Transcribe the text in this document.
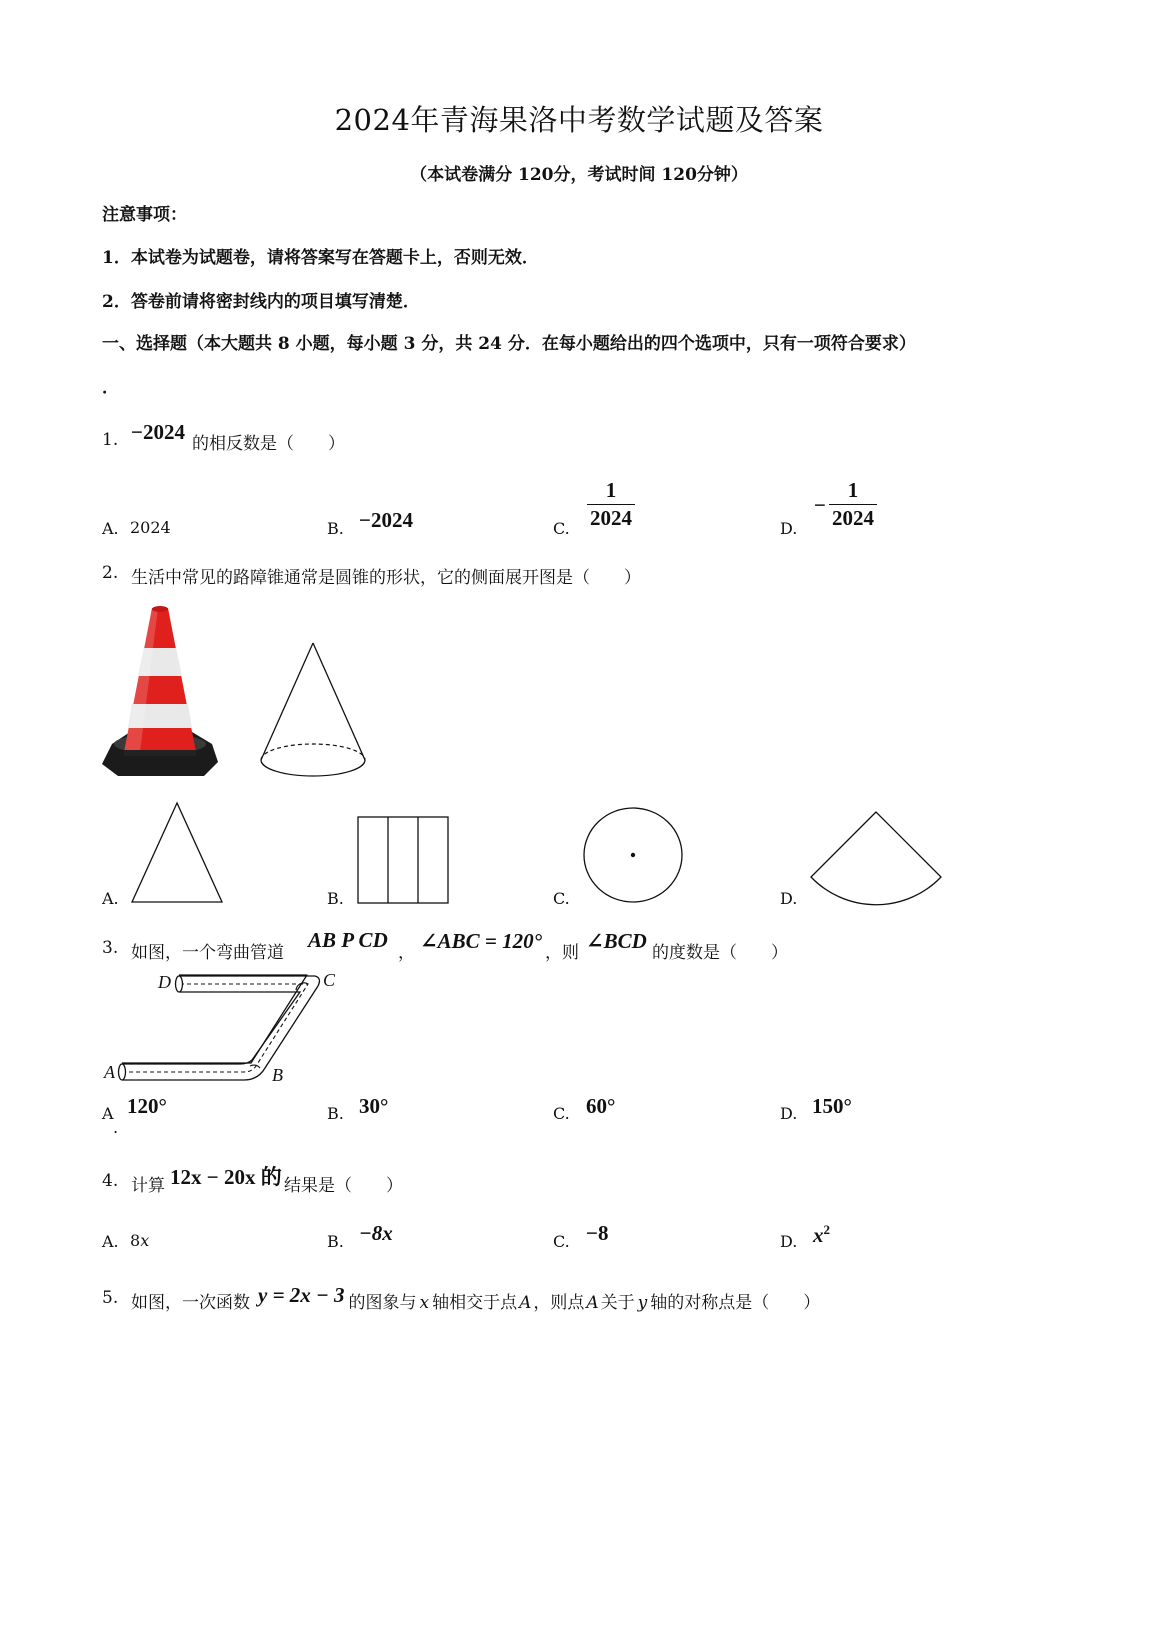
2024年青海果洛中考数学试题及答案
（本试卷满分 120分，考试时间 120分钟）
注意事项：
1．本试卷为试题卷，请将答案写在答题卡上，否则无效．
2．答卷前请将密封线内的项目填写清楚．
一、选择题（本大题共 8 小题，每小题 3 分，共 24 分．在每小题给出的四个选项中，只有一项符合要求）
．
1. −2024 的相反数是（　　）
A. 2024	B. −2024	C.
1
2024	D.
−
1
2024
2. 生活中常见的路障锥通常是圆锥的形状，它的侧面展开图是（　　）
A.	B.	C.	D.
3. 如图，一个弯曲管道
AB P CD
， ∠ABC = 120° ，则 ∠BCD 的度数是（　　）
D	C
A	B
A
.
120°	B. 30°	C. 60°	D. 150°
4. 计算 12x − 20x 的 结果是（　　）
A. 8x	B. −8x	C. −8	D. $x^2$
5. 如图，一次函数 y = 2x − 3 的图象与 x 轴相交于点 A ，则点 A 关于 y 轴的对称点是（　　）
